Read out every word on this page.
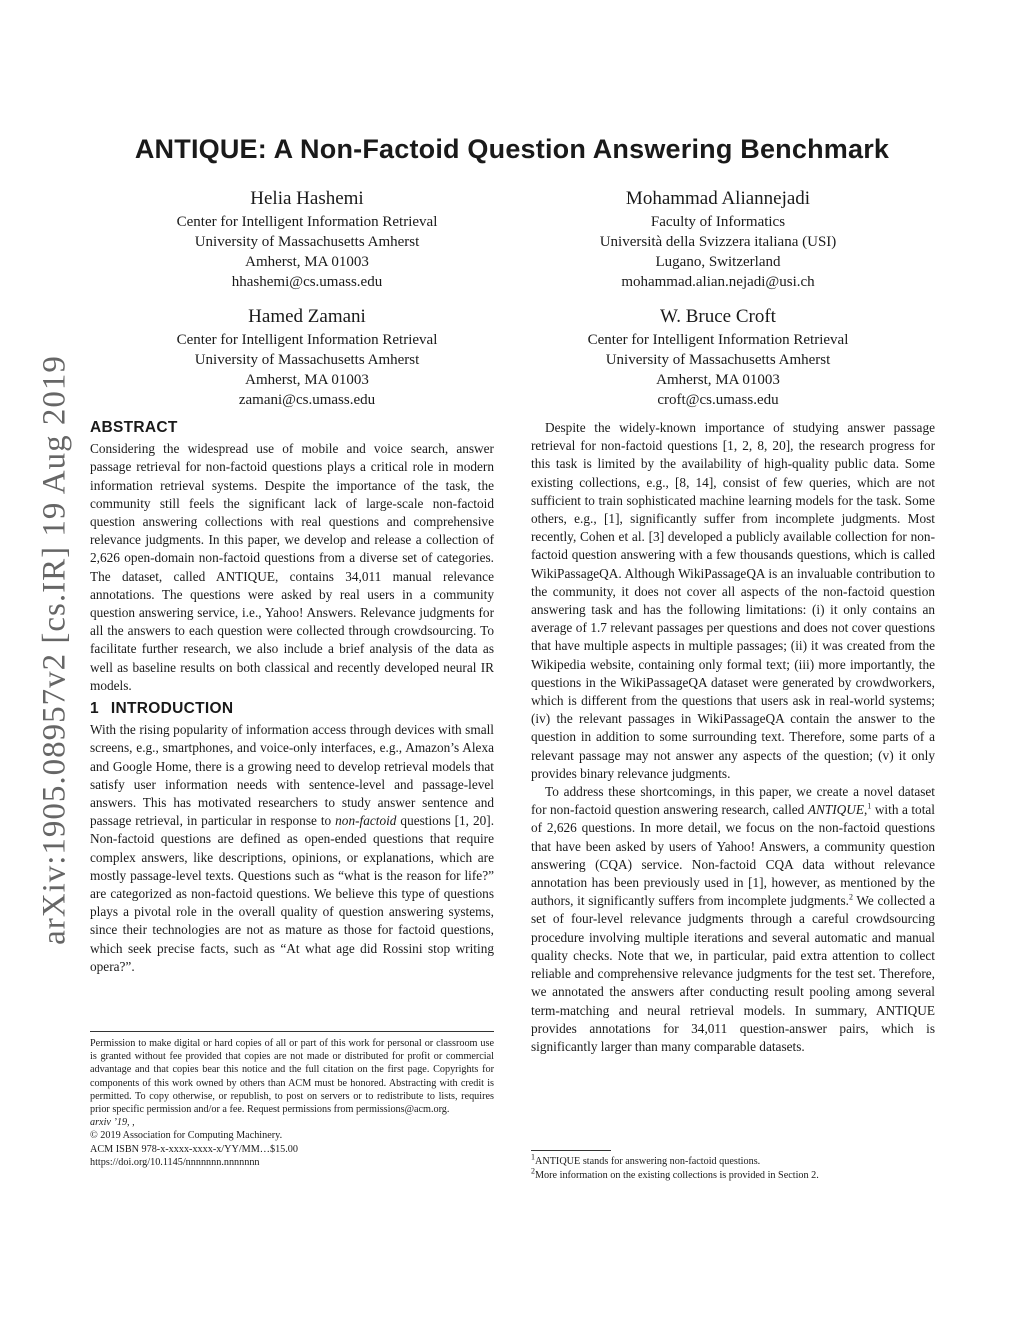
arXiv:1905.08957v2 [cs.IR] 19 Aug 2019
ANTIQUE: A Non-Factoid Question Answering Benchmark
Helia Hashemi
Center for Intelligent Information Retrieval
University of Massachusetts Amherst
Amherst, MA 01003
hhashemi@cs.umass.edu
Mohammad Aliannejadi
Faculty of Informatics
Università della Svizzera italiana (USI)
Lugano, Switzerland
mohammad.alian.nejadi@usi.ch
Hamed Zamani
Center for Intelligent Information Retrieval
University of Massachusetts Amherst
Amherst, MA 01003
zamani@cs.umass.edu
W. Bruce Croft
Center for Intelligent Information Retrieval
University of Massachusetts Amherst
Amherst, MA 01003
croft@cs.umass.edu
ABSTRACT

Considering the widespread use of mobile and voice search, answer passage retrieval for non-factoid questions plays a critical role in modern information retrieval systems. Despite the importance of the task, the community still feels the significant lack of large-scale non-factoid question answering collections with real questions and comprehensive relevance judgments. In this paper, we develop and release a collection of 2,626 open-domain non-factoid questions from a diverse set of categories. The dataset, called ANTIQUE, contains 34,011 manual relevance annotations. The questions were asked by real users in a community question answering service, i.e., Yahoo! Answers. Relevance judgments for all the answers to each question were collected through crowdsourcing. To facilitate further research, we also include a brief analysis of the data as well as baseline results on both classical and recently developed neural IR models.

1 INTRODUCTION

With the rising popularity of information access through devices with small screens, e.g., smartphones, and voice-only interfaces, e.g., Amazon’s Alexa and Google Home, there is a growing need to develop retrieval models that satisfy user information needs with sentence-level and passage-level answers. This has motivated researchers to study answer sentence and passage retrieval, in particular in response to non-factoid questions [1, 20]. Non-factoid questions are defined as open-ended questions that require complex answers, like descriptions, opinions, or explanations, which are mostly passage-level texts. Questions such as “what is the reason for life?” are categorized as non-factoid questions. We believe this type of questions plays a pivotal role in the overall quality of question answering systems, since their technologies are not as mature as those for factoid questions, which seek precise facts, such as “At what age did Rossini stop writing opera?”.

Permission to make digital or hard copies of all or part of this work for personal or classroom use is granted without fee provided that copies are not made or distributed for profit or commercial advantage and that copies bear this notice and the full citation on the first page. Copyrights for components of this work owned by others than ACM must be honored. Abstracting with credit is permitted. To copy otherwise, or republish, to post on servers or to redistribute to lists, requires prior specific permission and/or a fee. Request permissions from permissions@acm.org.

arxiv ’19, ,

© 2019 Association for Computing Machinery.

ACM ISBN 978-x-xxxx-xxxx-x/YY/MM…$15.00

https://doi.org/10.1145/nnnnnnn.nnnnnnn

Despite the widely-known importance of studying answer passage retrieval for non-factoid questions [1, 2, 8, 20], the research progress for this task is limited by the availability of high-quality public data. Some existing collections, e.g., [8, 14], consist of few queries, which are not sufficient to train sophisticated machine learning models for the task. Some others, e.g., [1], significantly suffer from incomplete judgments. Most recently, Cohen et al. [3] developed a publicly available collection for non-factoid question answering with a few thousands questions, which is called WikiPassageQA. Although WikiPassageQA is an invaluable contribution to the community, it does not cover all aspects of the non-factoid question answering task and has the following limitations: (i) it only contains an average of 1.7 relevant passages per questions and does not cover questions that have multiple aspects in multiple passages; (ii) it was created from the Wikipedia website, containing only formal text; (iii) more importantly, the questions in the WikiPassageQA dataset were generated by crowdworkers, which is different from the questions that users ask in real-world systems; (iv) the relevant passages in WikiPassageQA contain the answer to the question in addition to some surrounding text. Therefore, some parts of a relevant passage may not answer any aspects of the question; (v) it only provides binary relevance judgments.

To address these shortcomings, in this paper, we create a novel dataset for non-factoid question answering research, called ANTIQUE,$^1$ with a total of 2,626 questions. In more detail, we focus on the non-factoid questions that have been asked by users of Yahoo! Answers, a community question answering (CQA) service. Non-factoid CQA data without relevance annotation has been previously used in [1], however, as mentioned by the authors, it significantly suffers from incomplete judgments.$^2$ We collected a set of four-level relevance judgments through a careful crowdsourcing procedure involving multiple iterations and several automatic and manual quality checks. Note that we, in particular, paid extra attention to collect reliable and comprehensive relevance judgments for the test set. Therefore, we annotated the answers after conducting result pooling among several term-matching and neural retrieval models. In summary, ANTIQUE provides annotations for 34,011 question-answer pairs, which is significantly larger than many comparable datasets.

$^1$ANTIQUE stands for answering non-factoid questions.

$^2$More information on the existing collections is provided in Section 2.
